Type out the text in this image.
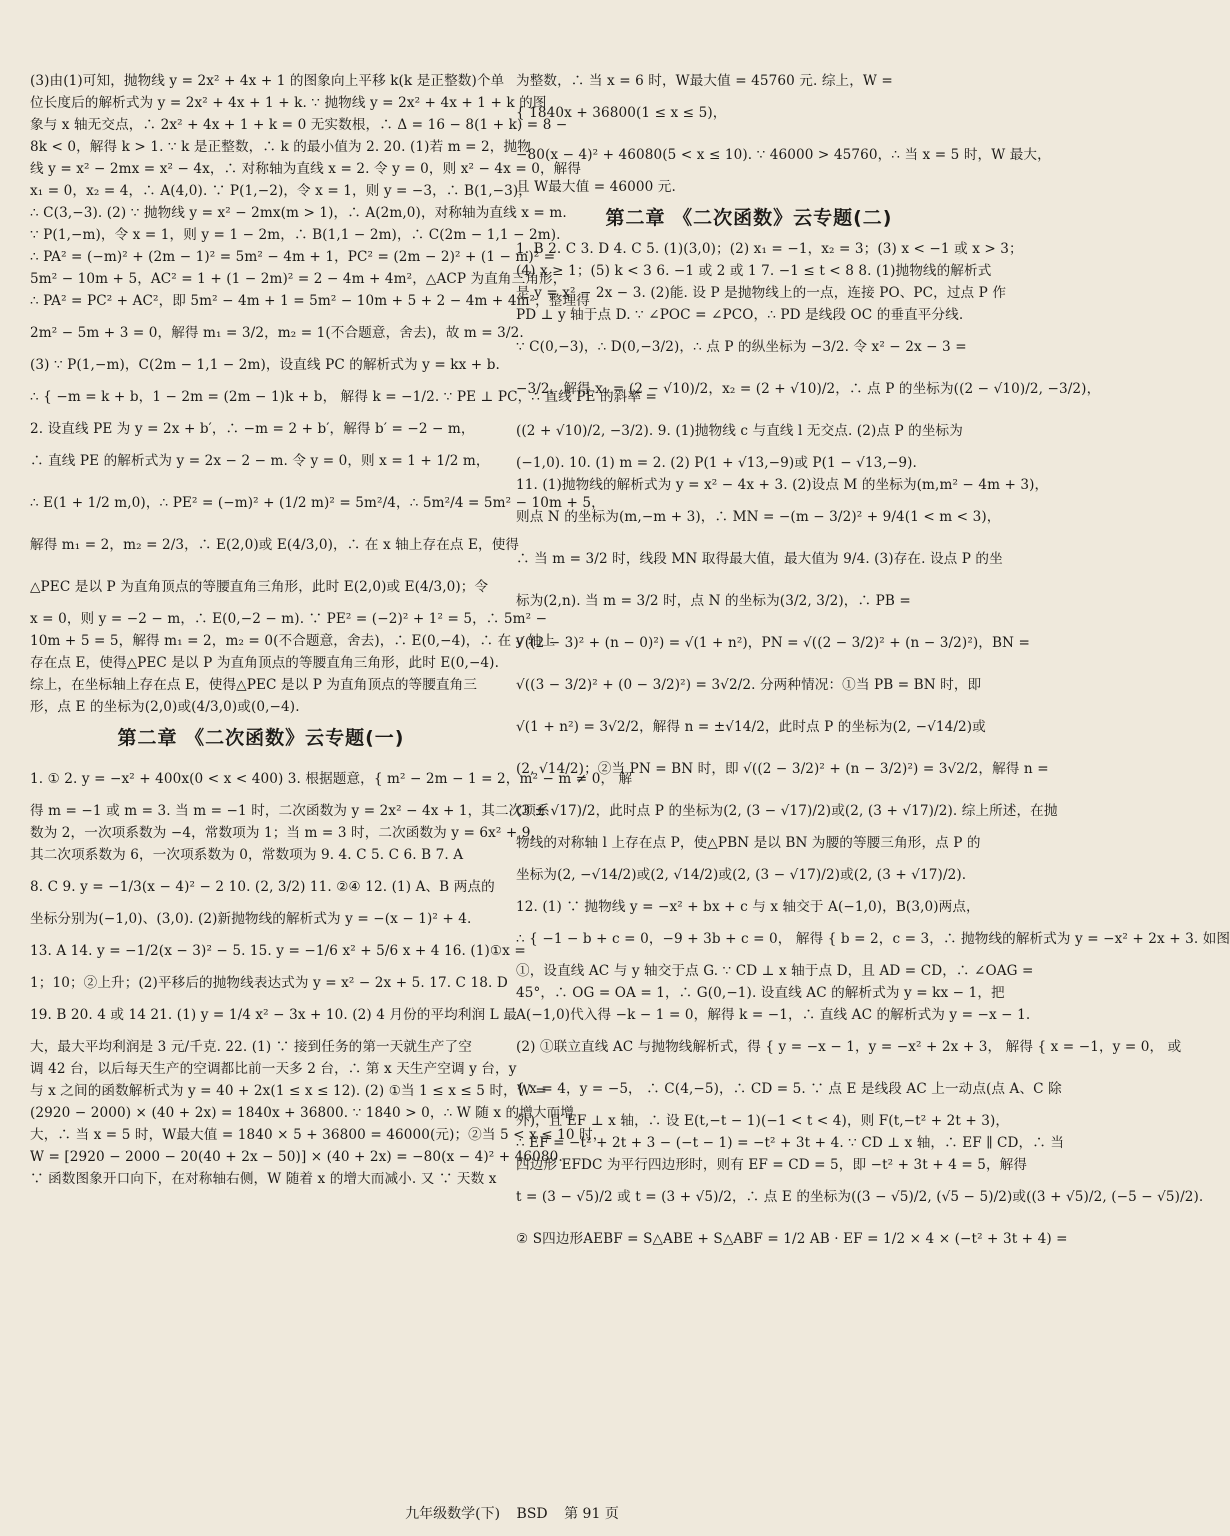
(3)由(1)可知，抛物线 y = 2x² + 4x + 1 的图象向上平移 k(k 是正整数)个单
位长度后的解析式为 y = 2x² + 4x + 1 + k. ∵ 抛物线 y = 2x² + 4x + 1 + k 的图
象与 x 轴无交点，∴ 2x² + 4x + 1 + k = 0 无实数根，∴ Δ = 16 − 8(1 + k) = 8 −
8k < 0，解得 k > 1. ∵ k 是正整数，∴ k 的最小值为 2. 20. (1)若 m = 2，抛物
线 y = x² − 2mx = x² − 4x，∴ 对称轴为直线 x = 2. 令 y = 0，则 x² − 4x = 0，解得
x₁ = 0，x₂ = 4，∴ A(4,0). ∵ P(1,−2)，令 x = 1，则 y = −3，∴ B(1,−3)，
∴ C(3,−3). (2) ∵ 抛物线 y = x² − 2mx(m > 1)，∴ A(2m,0)，对称轴为直线 x = m.
∵ P(1,−m)，令 x = 1，则 y = 1 − 2m，∴ B(1,1 − 2m)，∴ C(2m − 1,1 − 2m).
∴ PA² = (−m)² + (2m − 1)² = 5m² − 4m + 1，PC² = (2m − 2)² + (1 − m)² =
5m² − 10m + 5，AC² = 1 + (1 − 2m)² = 2 − 4m + 4m²，△ACP 为直角三角形，
∴ PA² = PC² + AC²，即 5m² − 4m + 1 = 5m² − 10m + 5 + 2 − 4m + 4m²，整理得
2m² − 5m + 3 = 0，解得 m₁ = 3/2，m₂ = 1(不合题意，舍去)，故 m = 3/2.
(3) ∵ P(1,−m)，C(2m − 1,1 − 2m)，设直线 PC 的解析式为 y = kx + b.
∴ { −m = k + b，1 − 2m = (2m − 1)k + b， 解得 k = −1/2. ∵ PE ⊥ PC，∴ 直线 PE 的斜率 =
2. 设直线 PE 为 y = 2x + b′，∴ −m = 2 + b′，解得 b′ = −2 − m，
∴ 直线 PE 的解析式为 y = 2x − 2 − m. 令 y = 0，则 x = 1 + 1/2 m，
∴ E(1 + 1/2 m,0)，∴ PE² = (−m)² + (1/2 m)² = 5m²/4，∴ 5m²/4 = 5m² − 10m + 5，
解得 m₁ = 2，m₂ = 2/3，∴ E(2,0)或 E(4/3,0)，∴ 在 x 轴上存在点 E，使得
△PEC 是以 P 为直角顶点的等腰直角三角形，此时 E(2,0)或 E(4/3,0)；令
x = 0，则 y = −2 − m，∴ E(0,−2 − m). ∵ PE² = (−2)² + 1² = 5，∴ 5m² −
10m + 5 = 5，解得 m₁ = 2，m₂ = 0(不合题意，舍去)，∴ E(0,−4)，∴ 在 y 轴上
存在点 E，使得△PEC 是以 P 为直角顶点的等腰直角三角形，此时 E(0,−4).
综上，在坐标轴上存在点 E，使得△PEC 是以 P 为直角顶点的等腰直角三
形，点 E 的坐标为(2,0)或(4/3,0)或(0,−4).
第二章 《二次函数》云专题(一)
1. ① 2. y = −x² + 400x(0 < x < 400) 3. 根据题意，{ m² − 2m − 1 = 2，m² − m ≠ 0， 解
得 m = −1 或 m = 3. 当 m = −1 时，二次函数为 y = 2x² − 4x + 1，其二次项系
数为 2，一次项系数为 −4，常数项为 1；当 m = 3 时，二次函数为 y = 6x² + 9，
其二次项系数为 6，一次项系数为 0，常数项为 9. 4. C 5. C 6. B 7. A
8. C 9. y = −1/3(x − 4)² − 2 10. (2, 3/2) 11. ②④ 12. (1) A、B 两点的
坐标分别为(−1,0)、(3,0). (2)新抛物线的解析式为 y = −(x − 1)² + 4.
13. A 14. y = −1/2(x − 3)² − 5. 15. y = −1/6 x² + 5/6 x + 4 16. (1)①x =
1；10；②上升；(2)平移后的抛物线表达式为 y = x² − 2x + 5. 17. C 18. D
19. B 20. 4 或 14 21. (1) y = 1/4 x² − 3x + 10. (2) 4 月份的平均利润 L 最
大，最大平均利润是 3 元/千克. 22. (1) ∵ 接到任务的第一天就生产了空
调 42 台，以后每天生产的空调都比前一天多 2 台，∴ 第 x 天生产空调 y 台，y
与 x 之间的函数解析式为 y = 40 + 2x(1 ≤ x ≤ 12). (2) ①当 1 ≤ x ≤ 5 时，W =
(2920 − 2000) × (40 + 2x) = 1840x + 36800. ∵ 1840 > 0，∴ W 随 x 的增大而增
大，∴ 当 x = 5 时，W最大值 = 1840 × 5 + 36800 = 46000(元)；②当 5 < x ≤ 10 时，
W = [2920 − 2000 − 20(40 + 2x − 50)] × (40 + 2x) = −80(x − 4)² + 46080.
∵ 函数图象开口向下，在对称轴右侧，W 随着 x 的增大而减小. 又 ∵ 天数 x
为整数，∴ 当 x = 6 时，W最大值 = 45760 元. 综上，W =
{ 1840x + 36800(1 ≤ x ≤ 5)，
−80(x − 4)² + 46080(5 < x ≤ 10). ∵ 46000 > 45760，∴ 当 x = 5 时，W 最大，
且 W最大值 = 46000 元.
第二章 《二次函数》云专题(二)
1. B 2. C 3. D 4. C 5. (1)(3,0)；(2) x₁ = −1，x₂ = 3；(3) x < −1 或 x > 3；
(4) x ≥ 1；(5) k < 3 6. −1 或 2 或 1 7. −1 ≤ t < 8 8. (1)抛物线的解析式
是 y = x² − 2x − 3. (2)能. 设 P 是抛物线上的一点，连接 PO、PC，过点 P 作
PD ⊥ y 轴于点 D. ∵ ∠POC = ∠PCO，∴ PD 是线段 OC 的垂直平分线.
∵ C(0,−3)，∴ D(0,−3/2)，∴ 点 P 的纵坐标为 −3/2. 令 x² − 2x − 3 =
−3/2，解得 x₁ = (2 − √10)/2，x₂ = (2 + √10)/2，∴ 点 P 的坐标为((2 − √10)/2, −3/2)，
((2 + √10)/2, −3/2). 9. (1)抛物线 c 与直线 l 无交点. (2)点 P 的坐标为
(−1,0). 10. (1) m = 2. (2) P(1 + √13,−9)或 P(1 − √13,−9).
11. (1)抛物线的解析式为 y = x² − 4x + 3. (2)设点 M 的坐标为(m,m² − 4m + 3)，
则点 N 的坐标为(m,−m + 3)，∴ MN = −(m − 3/2)² + 9/4(1 < m < 3)，
∴ 当 m = 3/2 时，线段 MN 取得最大值，最大值为 9/4. (3)存在. 设点 P 的坐
标为(2,n). 当 m = 3/2 时，点 N 的坐标为(3/2, 3/2)，∴ PB =
√((2 − 3)² + (n − 0)²) = √(1 + n²)，PN = √((2 − 3/2)² + (n − 3/2)²)，BN =
√((3 − 3/2)² + (0 − 3/2)²) = 3√2/2. 分两种情况：①当 PB = BN 时，即
√(1 + n²) = 3√2/2，解得 n = ±√14/2，此时点 P 的坐标为(2, −√14/2)或
(2, √14/2)；②当 PN = BN 时，即 √((2 − 3/2)² + (n − 3/2)²) = 3√2/2，解得 n =
(3 ± √17)/2，此时点 P 的坐标为(2, (3 − √17)/2)或(2, (3 + √17)/2). 综上所述，在抛
物线的对称轴 l 上存在点 P，使△PBN 是以 BN 为腰的等腰三角形，点 P 的
坐标为(2, −√14/2)或(2, √14/2)或(2, (3 − √17)/2)或(2, (3 + √17)/2).
12. (1) ∵ 抛物线 y = −x² + bx + c 与 x 轴交于 A(−1,0)，B(3,0)两点，
∴ { −1 − b + c = 0，−9 + 3b + c = 0， 解得 { b = 2，c = 3，∴ 抛物线的解析式为 y = −x² + 2x + 3. 如图
①，设直线 AC 与 y 轴交于点 G. ∵ CD ⊥ x 轴于点 D，且 AD = CD，∴ ∠OAG =
45°，∴ OG = OA = 1，∴ G(0,−1). 设直线 AC 的解析式为 y = kx − 1，把
A(−1,0)代入得 −k − 1 = 0，解得 k = −1，∴ 直线 AC 的解析式为 y = −x − 1.
(2) ①联立直线 AC 与抛物线解析式，得 { y = −x − 1，y = −x² + 2x + 3， 解得 { x = −1，y = 0， 或
{ x = 4，y = −5， ∴ C(4,−5)，∴ CD = 5. ∵ 点 E 是线段 AC 上一动点(点 A、C 除
外)，且 EF ⊥ x 轴，∴ 设 E(t,−t − 1)(−1 < t < 4)，则 F(t,−t² + 2t + 3)，
∴ EF = −t² + 2t + 3 − (−t − 1) = −t² + 3t + 4. ∵ CD ⊥ x 轴，∴ EF ∥ CD，∴ 当
四边形 EFDC 为平行四边形时，则有 EF = CD = 5，即 −t² + 3t + 4 = 5，解得
t = (3 − √5)/2 或 t = (3 + √5)/2，∴ 点 E 的坐标为((3 − √5)/2, (√5 − 5)/2)或((3 + √5)/2, (−5 − √5)/2).
② S四边形AEBF = S△ABE + S△ABF = 1/2 AB · EF = 1/2 × 4 × (−t² + 3t + 4) =
九年级数学(下) BSD 第 91 页
